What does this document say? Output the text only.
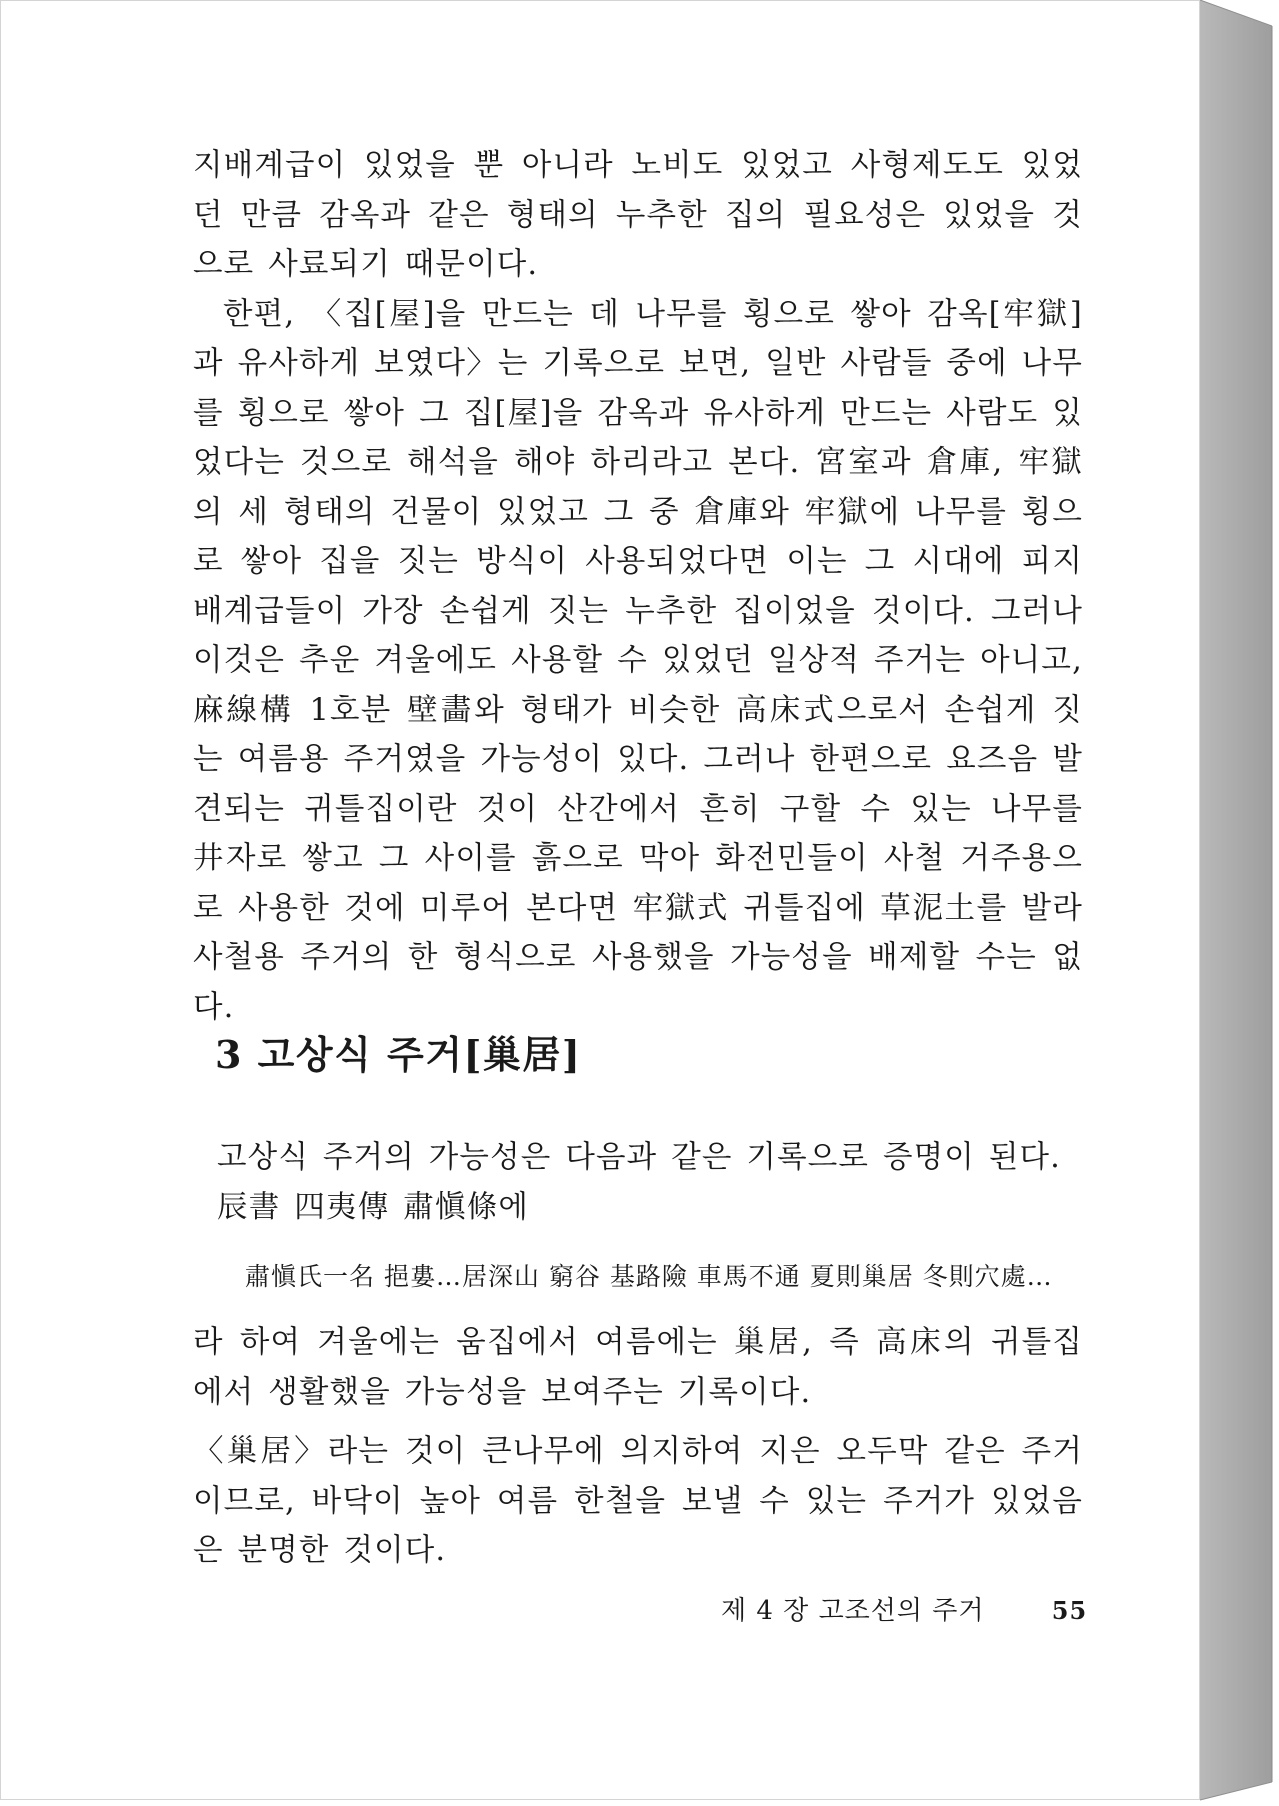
지배계급이 있었을 뿐 아니라 노비도 있었고 사형제도도 있었던 만큼 감옥과 같은 형태의 누추한 집의 필요성은 있었을 것으로 사료되기 때문이다.

한편, 〈집[屋]을 만드는 데 나무를 횡으로 쌓아 감옥[牢獄]과 유사하게 보였다〉는 기록으로 보면, 일반 사람들 중에 나무를 횡으로 쌓아 그 집[屋]을 감옥과 유사하게 만드는 사람도 있었다는 것으로 해석을 해야 하리라고 본다. 宮室과 倉庫, 牢獄의 세 형태의 건물이 있었고 그 중 倉庫와 牢獄에 나무를 횡으로 쌓아 집을 짓는 방식이 사용되었다면 이는 그 시대에 피지배계급들이 가장 손쉽게 짓는 누추한 집이었을 것이다. 그러나 이것은 추운 겨울에도 사용할 수 있었던 일상적 주거는 아니고, 麻線構 1호분 壁畵와 형태가 비슷한 高床式으로서 손쉽게 짓는 여름용 주거였을 가능성이 있다. 그러나 한편으로 요즈음 발견되는 귀틀집이란 것이 산간에서 흔히 구할 수 있는 나무를 井자로 쌓고 그 사이를 흙으로 막아 화전민들이 사철 거주용으로 사용한 것에 미루어 본다면 牢獄式 귀틀집에 草泥土를 발라 사철용 주거의 한 형식으로 사용했을 가능성을 배제할 수는 없다.

3 고상식 주거[巢居]

고상식 주거의 가능성은 다음과 같은 기록으로 증명이 된다.

辰書 四夷傳 肅愼條에

肅愼氏一名 挹婁…居深山 窮谷 基路險 車馬不通 夏則巢居 冬則穴處…

라 하여 겨울에는 움집에서 여름에는 巢居, 즉 高床의 귀틀집에서 생활했을 가능성을 보여주는 기록이다.

〈巢居〉라는 것이 큰나무에 의지하여 지은 오두막 같은 주거이므로, 바닥이 높아 여름 한철을 보낼 수 있는 주거가 있었음은 분명한 것이다.

제 4 장 고조선의 주거	55
